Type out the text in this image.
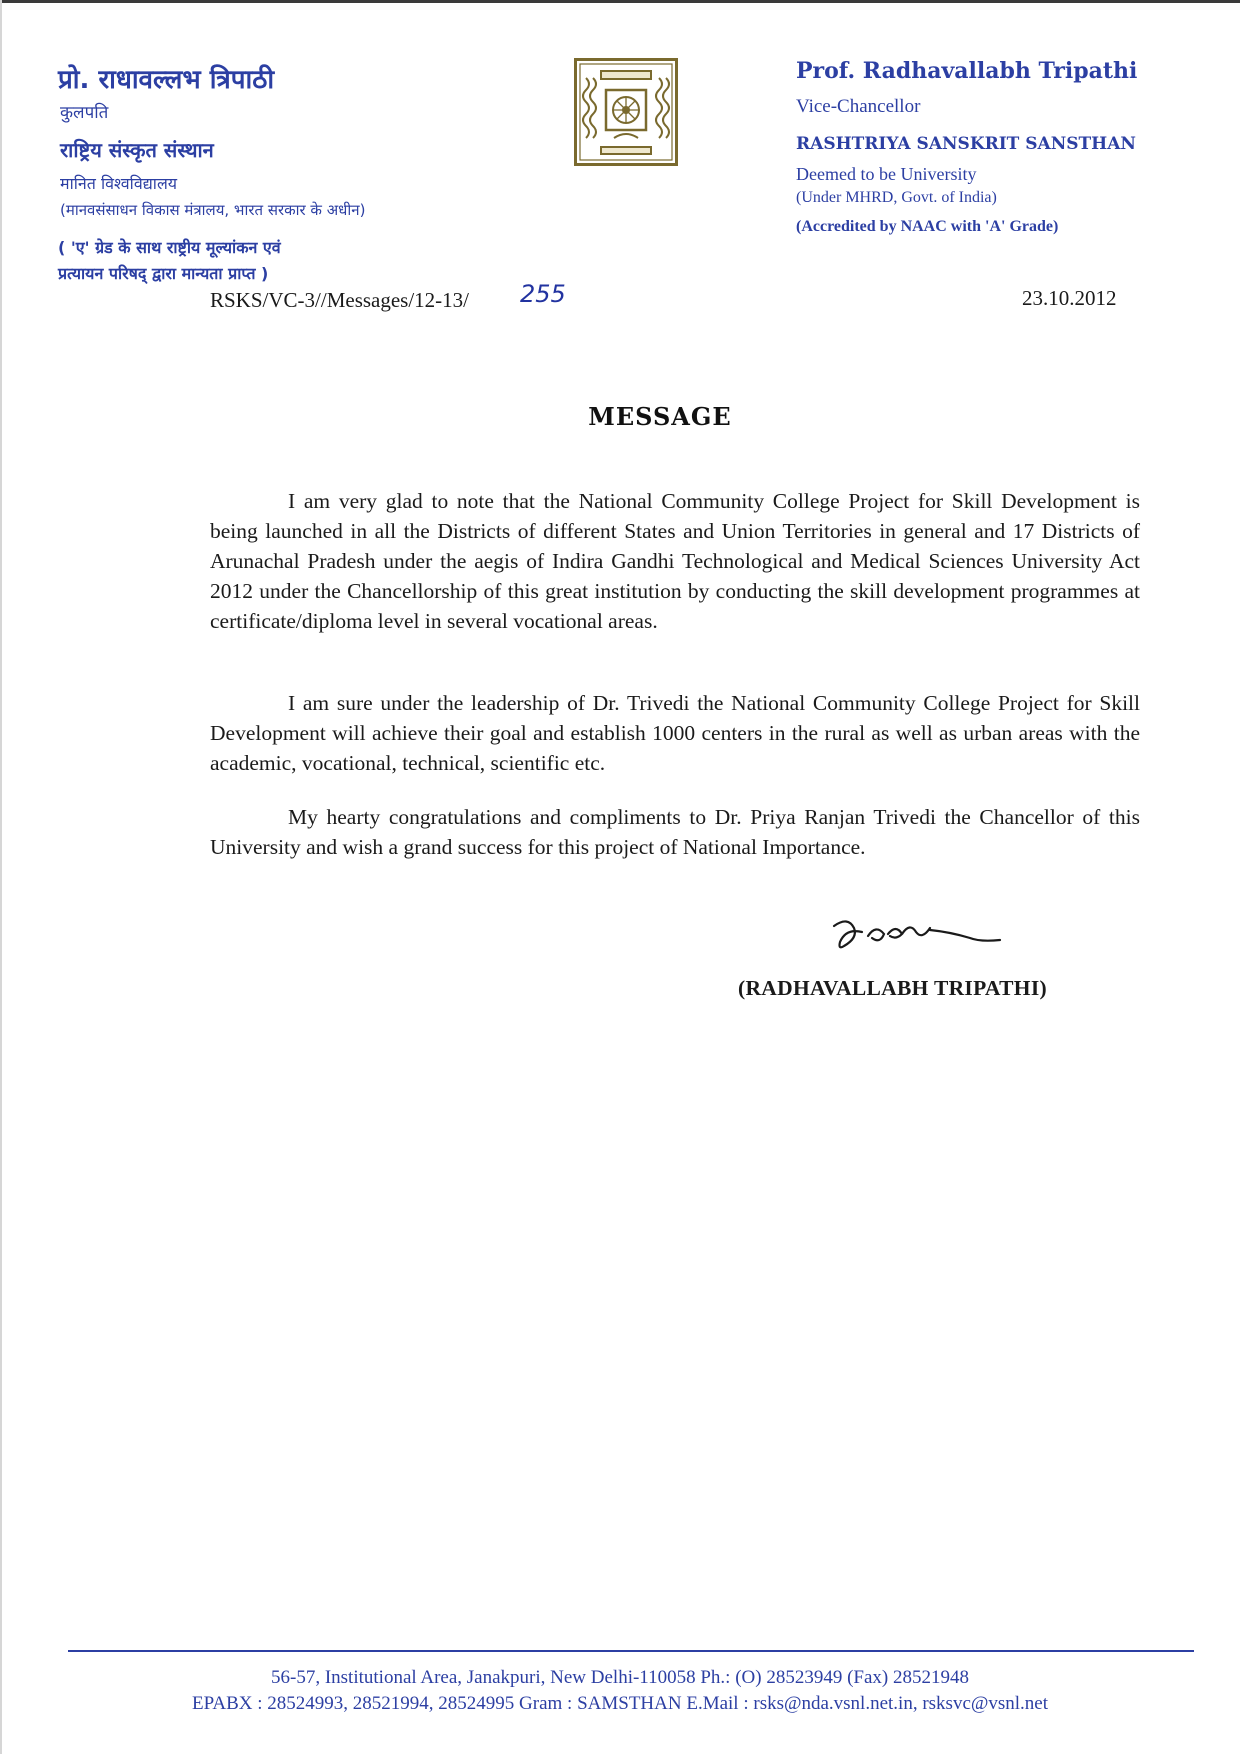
प्रो. राधावल्लभ त्रिपाठी
कुलपति
राष्ट्रिय संस्कृत संस्थान
मानित विश्वविद्यालय
(मानवसंसाधन विकास मंत्रालय, भारत सरकार के अधीन)
( 'ए' ग्रेड के साथ राष्ट्रीय मूल्यांकन एवं
प्रत्यायन परिषद् द्वारा मान्यता प्राप्त )
Prof. Radhavallabh Tripathi
Vice-Chancellor
RASHTRIYA SANSKRIT SANSTHAN
Deemed to be University
(Under MHRD, Govt. of India)
(Accredited by NAAC with 'A' Grade)
RSKS/VC-3//Messages/12-13/ 255	23.10.2012
MESSAGE

I am very glad to note that the National Community College Project for Skill Development is being launched in all the Districts of different States and Union Territories in general and 17 Districts of Arunachal Pradesh under the aegis of Indira Gandhi Technological and Medical Sciences University Act 2012 under the Chancellorship of this great institution by conducting the skill development programmes at certificate/diploma level in several vocational areas.

I am sure under the leadership of Dr. Trivedi the National Community College Project for Skill Development will achieve their goal and establish 1000 centers in the rural as well as urban areas with the academic, vocational, technical, scientific etc.

My hearty congratulations and compliments to Dr. Priya Ranjan Trivedi the Chancellor of this University and wish a grand success for this project of National Importance.

(RADHAVALLABH TRIPATHI)
56-57, Institutional Area, Janakpuri, New Delhi-110058 Ph.: (O) 28523949 (Fax) 28521948
EPABX : 28524993, 28521994, 28524995 Gram : SAMSTHAN E.Mail : rsks@nda.vsnl.net.in, rsksvc@vsnl.net
